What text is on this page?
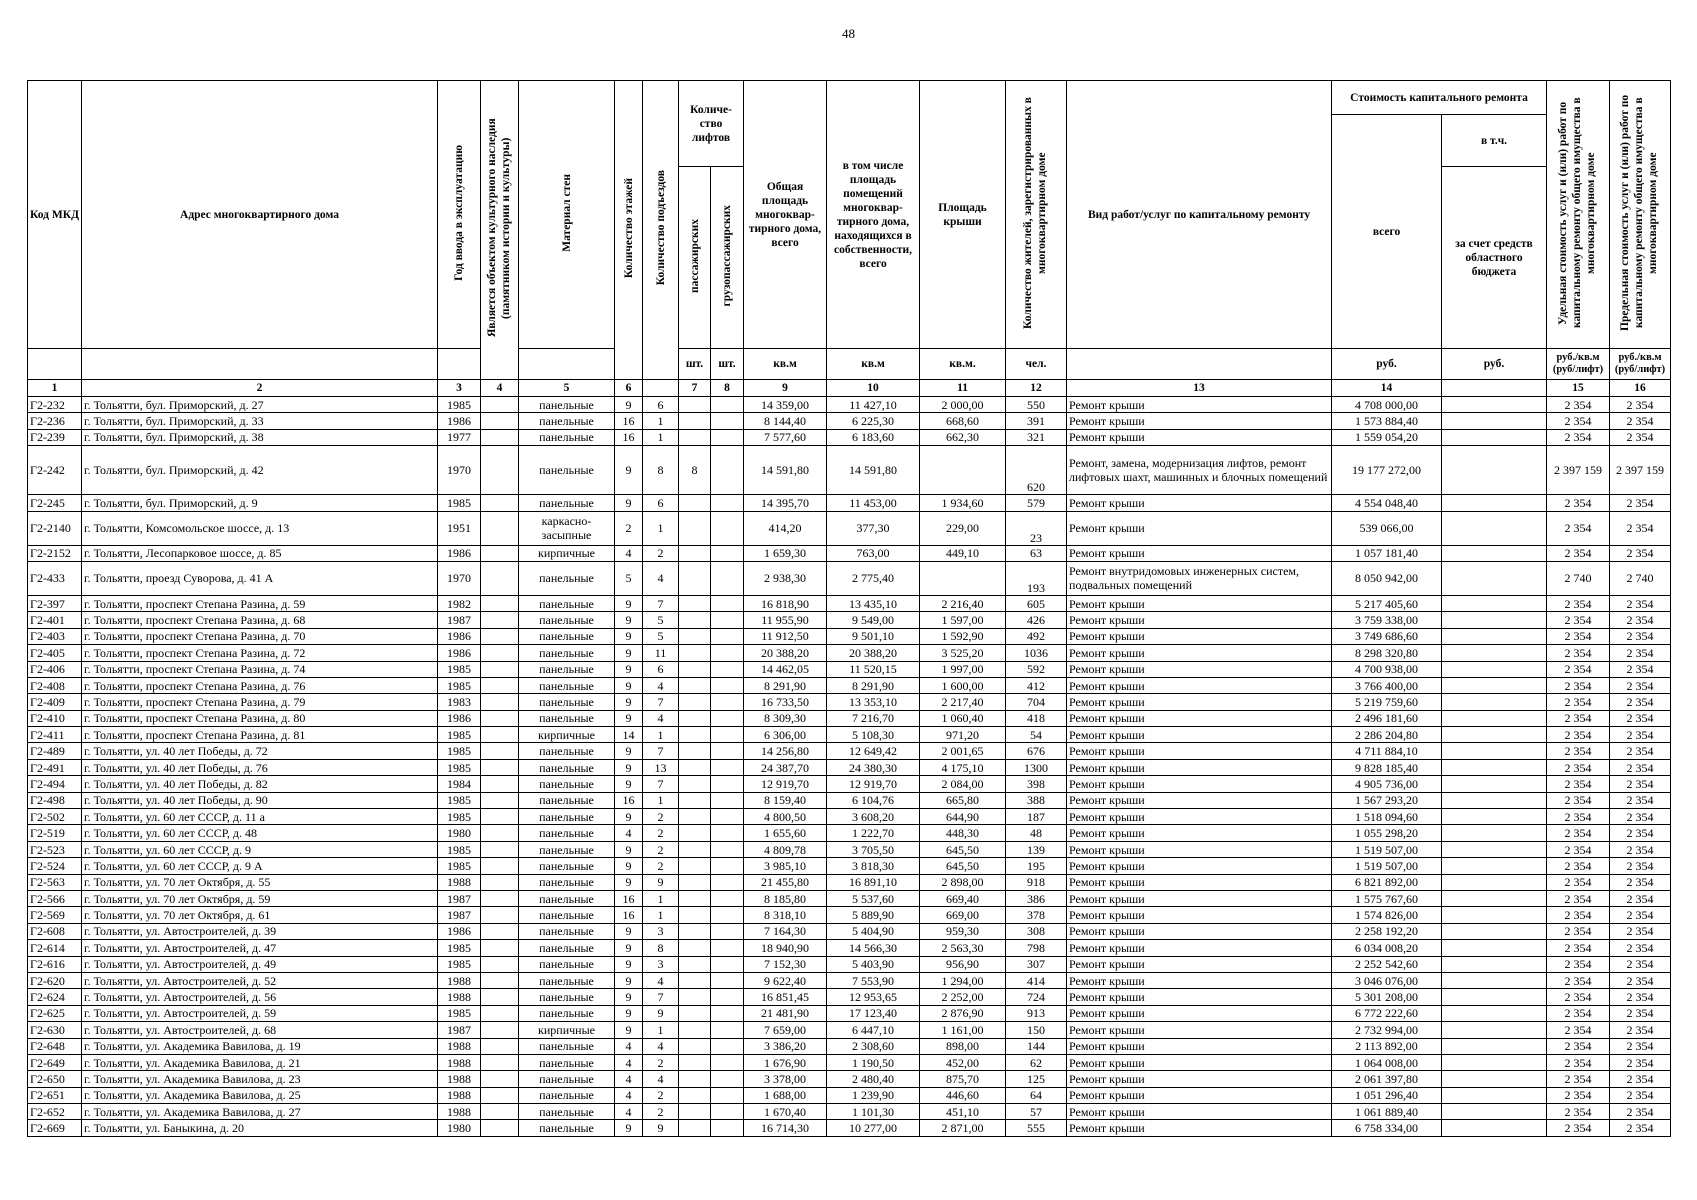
48
Код МКД	Адрес многоквартирного дома	Год ввода в эксплуатацию	Является объектом культурного наследия (памятником истории и культуры)	Материал стен	Количество этажей	Количество подъездов	Количе-ство лифтов		Общая площадь многоквар-тирного дома, всего	в том числе площадь помещений многоквар-тирного дома, находящихся в собственности, всего	Площадь крыши	Количество жителей, зарегистрированных в многоквартирном доме	Вид работ/услуг по капитальному ремонту	Стоимость капитального ремонта		Удельная стоимость услуг и (или) работ по капитальному ремонту общего имущества в многоквартирном доме	Предельная стоимость услуг и (или) работ по капитальному ремонту общего имущества в многоквартирном доме
														всего	в т.ч.		
							пассажирских	грузопассажирских							за счет средств областного бюджета		
							шт.	шт.	кв.м	кв.м	кв.м.	чел.		руб.	руб.	руб./кв.м (руб/лифт)	руб./кв.м (руб/лифт)
1	2	3	4	5	6		7	8	9	10	11	12	13	14		15	16
Г2-232	г. Тольятти, бул. Приморский, д. 27	1985		панельные	9	6			14 359,00	11 427,10	2 000,00	550	Ремонт крыши	4 708 000,00		2 354	2 354
Г2-236	г. Тольятти, бул. Приморский, д. 33	1986		панельные	16	1			8 144,40	6 225,30	668,60	391	Ремонт крыши	1 573 884,40		2 354	2 354
Г2-239	г. Тольятти, бул. Приморский, д. 38	1977		панельные	16	1			7 577,60	6 183,60	662,30	321	Ремонт крыши	1 559 054,20		2 354	2 354
Г2-242	г. Тольятти, бул. Приморский, д. 42	1970		панельные	9	8	8		14 591,80	14 591,80		620	Ремонт, замена, модернизация лифтов, ремонт лифтовых шахт, машинных и блочных помещений	19 177 272,00		2 397 159	2 397 159
Г2-245	г. Тольятти, бул. Приморский, д. 9	1985		панельные	9	6			14 395,70	11 453,00	1 934,60	579	Ремонт крыши	4 554 048,40		2 354	2 354
Г2-2140	г. Тольятти, Комсомольское шоссе, д. 13	1951		каркасно-засыпные	2	1			414,20	377,30	229,00	23	Ремонт крыши	539 066,00		2 354	2 354
Г2-2152	г. Тольятти, Лесопарковое шоссе, д. 85	1986		кирпичные	4	2			1 659,30	763,00	449,10	63	Ремонт крыши	1 057 181,40		2 354	2 354
Г2-433	г. Тольятти, проезд Суворова, д. 41 А	1970		панельные	5	4			2 938,30	2 775,40		193	Ремонт внутридомовых инженерных систем, подвальных помещений	8 050 942,00		2 740	2 740
Г2-397	г. Тольятти, проспект Степана Разина, д. 59	1982		панельные	9	7			16 818,90	13 435,10	2 216,40	605	Ремонт крыши	5 217 405,60		2 354	2 354
Г2-401	г. Тольятти, проспект Степана Разина, д. 68	1987		панельные	9	5			11 955,90	9 549,00	1 597,00	426	Ремонт крыши	3 759 338,00		2 354	2 354
Г2-403	г. Тольятти, проспект Степана Разина, д. 70	1986		панельные	9	5			11 912,50	9 501,10	1 592,90	492	Ремонт крыши	3 749 686,60		2 354	2 354
Г2-405	г. Тольятти, проспект Степана Разина, д. 72	1986		панельные	9	11			20 388,20	20 388,20	3 525,20	1036	Ремонт крыши	8 298 320,80		2 354	2 354
Г2-406	г. Тольятти, проспект Степана Разина, д. 74	1985		панельные	9	6			14 462,05	11 520,15	1 997,00	592	Ремонт крыши	4 700 938,00		2 354	2 354
Г2-408	г. Тольятти, проспект Степана Разина, д. 76	1985		панельные	9	4			8 291,90	8 291,90	1 600,00	412	Ремонт крыши	3 766 400,00		2 354	2 354
Г2-409	г. Тольятти, проспект Степана Разина, д. 79	1983		панельные	9	7			16 733,50	13 353,10	2 217,40	704	Ремонт крыши	5 219 759,60		2 354	2 354
Г2-410	г. Тольятти, проспект Степана Разина, д. 80	1986		панельные	9	4			8 309,30	7 216,70	1 060,40	418	Ремонт крыши	2 496 181,60		2 354	2 354
Г2-411	г. Тольятти, проспект Степана Разина, д. 81	1985		кирпичные	14	1			6 306,00	5 108,30	971,20	54	Ремонт крыши	2 286 204,80		2 354	2 354
Г2-489	г. Тольятти, ул. 40 лет Победы, д. 72	1985		панельные	9	7			14 256,80	12 649,42	2 001,65	676	Ремонт крыши	4 711 884,10		2 354	2 354
Г2-491	г. Тольятти, ул. 40 лет Победы, д. 76	1985		панельные	9	13			24 387,70	24 380,30	4 175,10	1300	Ремонт крыши	9 828 185,40		2 354	2 354
Г2-494	г. Тольятти, ул. 40 лет Победы, д. 82	1984		панельные	9	7			12 919,70	12 919,70	2 084,00	398	Ремонт крыши	4 905 736,00		2 354	2 354
Г2-498	г. Тольятти, ул. 40 лет Победы, д. 90	1985		панельные	16	1			8 159,40	6 104,76	665,80	388	Ремонт крыши	1 567 293,20		2 354	2 354
Г2-502	г. Тольятти, ул. 60 лет СССР, д. 11 а	1985		панельные	9	2			4 800,50	3 608,20	644,90	187	Ремонт крыши	1 518 094,60		2 354	2 354
Г2-519	г. Тольятти, ул. 60 лет СССР, д. 48	1980		панельные	4	2			1 655,60	1 222,70	448,30	48	Ремонт крыши	1 055 298,20		2 354	2 354
Г2-523	г. Тольятти, ул. 60 лет СССР, д. 9	1985		панельные	9	2			4 809,78	3 705,50	645,50	139	Ремонт крыши	1 519 507,00		2 354	2 354
Г2-524	г. Тольятти, ул. 60 лет СССР, д. 9 А	1985		панельные	9	2			3 985,10	3 818,30	645,50	195	Ремонт крыши	1 519 507,00		2 354	2 354
Г2-563	г. Тольятти, ул. 70 лет Октября, д. 55	1988		панельные	9	9			21 455,80	16 891,10	2 898,00	918	Ремонт крыши	6 821 892,00		2 354	2 354
Г2-566	г. Тольятти, ул. 70 лет Октября, д. 59	1987		панельные	16	1			8 185,80	5 537,60	669,40	386	Ремонт крыши	1 575 767,60		2 354	2 354
Г2-569	г. Тольятти, ул. 70 лет Октября, д. 61	1987		панельные	16	1			8 318,10	5 889,90	669,00	378	Ремонт крыши	1 574 826,00		2 354	2 354
Г2-608	г. Тольятти, ул. Автостроителей, д. 39	1986		панельные	9	3			7 164,30	5 404,90	959,30	308	Ремонт крыши	2 258 192,20		2 354	2 354
Г2-614	г. Тольятти, ул. Автостроителей, д. 47	1985		панельные	9	8			18 940,90	14 566,30	2 563,30	798	Ремонт крыши	6 034 008,20		2 354	2 354
Г2-616	г. Тольятти, ул. Автостроителей, д. 49	1985		панельные	9	3			7 152,30	5 403,90	956,90	307	Ремонт крыши	2 252 542,60		2 354	2 354
Г2-620	г. Тольятти, ул. Автостроителей, д. 52	1988		панельные	9	4			9 622,40	7 553,90	1 294,00	414	Ремонт крыши	3 046 076,00		2 354	2 354
Г2-624	г. Тольятти, ул. Автостроителей, д. 56	1988		панельные	9	7			16 851,45	12 953,65	2 252,00	724	Ремонт крыши	5 301 208,00		2 354	2 354
Г2-625	г. Тольятти, ул. Автостроителей, д. 59	1985		панельные	9	9			21 481,90	17 123,40	2 876,90	913	Ремонт крыши	6 772 222,60		2 354	2 354
Г2-630	г. Тольятти, ул. Автостроителей, д. 68	1987		кирпичные	9	1			7 659,00	6 447,10	1 161,00	150	Ремонт крыши	2 732 994,00		2 354	2 354
Г2-648	г. Тольятти, ул. Академика Вавилова, д. 19	1988		панельные	4	4			3 386,20	2 308,60	898,00	144	Ремонт крыши	2 113 892,00		2 354	2 354
Г2-649	г. Тольятти, ул. Академика Вавилова, д. 21	1988		панельные	4	2			1 676,90	1 190,50	452,00	62	Ремонт крыши	1 064 008,00		2 354	2 354
Г2-650	г. Тольятти, ул. Академика Вавилова, д. 23	1988		панельные	4	4			3 378,00	2 480,40	875,70	125	Ремонт крыши	2 061 397,80		2 354	2 354
Г2-651	г. Тольятти, ул. Академика Вавилова, д. 25	1988		панельные	4	2			1 688,00	1 239,90	446,60	64	Ремонт крыши	1 051 296,40		2 354	2 354
Г2-652	г. Тольятти, ул. Академика Вавилова, д. 27	1988		панельные	4	2			1 670,40	1 101,30	451,10	57	Ремонт крыши	1 061 889,40		2 354	2 354
Г2-669	г. Тольятти, ул. Баныкина, д. 20	1980		панельные	9	9			16 714,30	10 277,00	2 871,00	555	Ремонт крыши	6 758 334,00		2 354	2 354
